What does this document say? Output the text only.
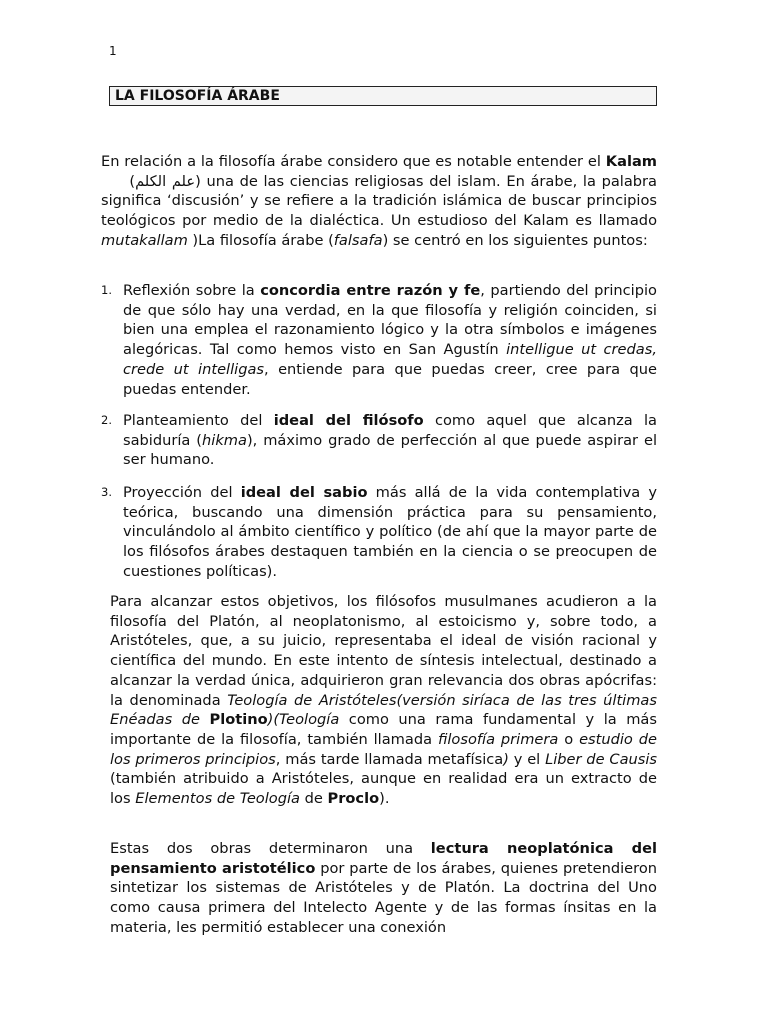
1
LA FILOSOFÍA ÁRABE

En relación a la filosofía árabe considero que es notable entender el Kalam     (علم الكلم) una de las ciencias religiosas del islam. En árabe, la palabra significa ‘discusión’ y se refiere a la tradición islámica de buscar principios teológicos por medio de la dialéctica. Un estudioso del Kalam es llamado mutakallam )La filosofía árabe (falsafa) se centró en los siguientes puntos:

1. Reflexión sobre la concordia entre razón y fe, partiendo del principio de que sólo hay una verdad, en la que filosofía y religión coinciden, si bien una emplea el razonamiento lógico y la otra símbolos e imágenes alegóricas. Tal como hemos visto en San Agustín intelligue ut credas, crede ut intelligas, entiende para que puedas creer, cree para que puedas entender.
2. Planteamiento del ideal del filósofo como aquel que alcanza la sabiduría (hikma), máximo grado de perfección al que puede aspirar el ser humano.
3. Proyección del ideal del sabio más allá de la vida contemplativa y teórica, buscando una dimensión práctica para su pensamiento, vinculándolo al ámbito científico y político (de ahí que la mayor parte de los filósofos árabes destaquen también en la ciencia o se preocupen de cuestiones políticas).

Para alcanzar estos objetivos, los filósofos musulmanes acudieron a la filosofía del Platón, al neoplatonismo, al estoicismo y, sobre todo, a Aristóteles, que, a su juicio, representaba el ideal de visión racional y científica del mundo. En este intento de síntesis intelectual, destinado a alcanzar la verdad única, adquirieron gran relevancia dos obras apócrifas: la denominada Teología de Aristóteles(versión siríaca de las tres últimas Enéadas de Plotino)(Teología como una rama fundamental y la más importante de la filosofía, también llamada filosofía primera o estudio de los primeros principios, más tarde llamada metafísica) y el Liber de Causis (también atribuido a Aristóteles, aunque en realidad era un extracto de los Elementos de Teología de Proclo).

Estas dos obras determinaron una lectura neoplatónica del pensamiento aristotélico por parte de los árabes, quienes pretendieron sintetizar los sistemas de Aristóteles y de Platón. La doctrina del Uno como causa primera del Intelecto Agente y de las formas ínsitas en la materia, les permitió establecer una conexión
